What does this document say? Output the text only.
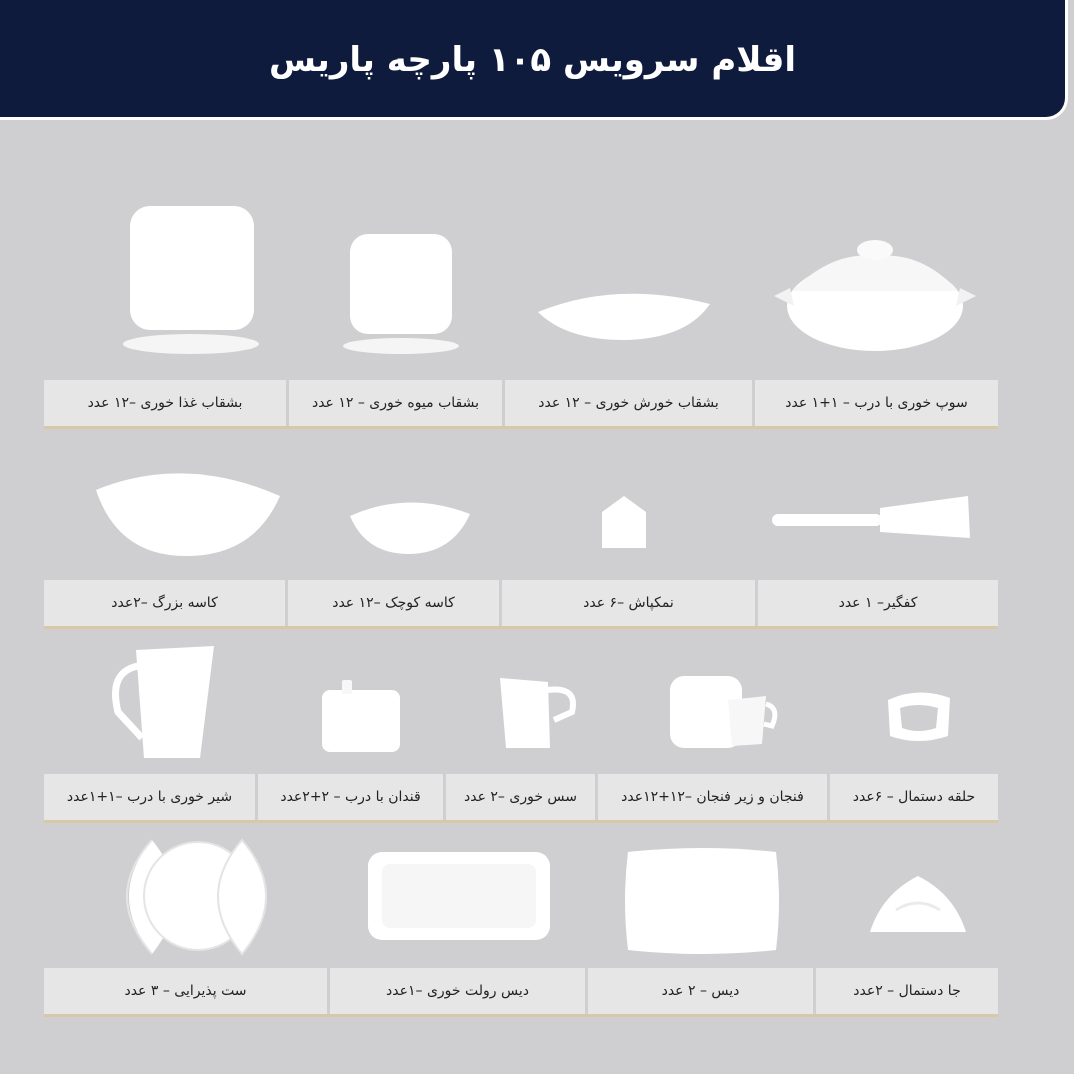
اقلام سرویس ۱۰۵ پارچه پاریس
سوپ خوری با درب – ۱+۱ عدد
بشقاب خورش خوری – ۱۲ عدد
بشقاب میوه خوری – ۱۲ عدد
بشقاب غذا خوری –۱۲ عدد
کفگیر– ۱ عدد
نمکپاش –۶ عدد
کاسه کوچک –۱۲ عدد
کاسه بزرگ –۲عدد
حلقه دستمال – ۶عدد
فنجان و زیر فنجان –۱۲+۱۲عدد
سس خوری –۲ عدد
قندان با درب – ۲+۲عدد
شیر خوری با درب –۱+۱عدد
جا دستمال – ۲عدد
دیس – ۲ عدد
دیس رولت خوری –۱عدد
ست پذیرایی – ۳ عدد
